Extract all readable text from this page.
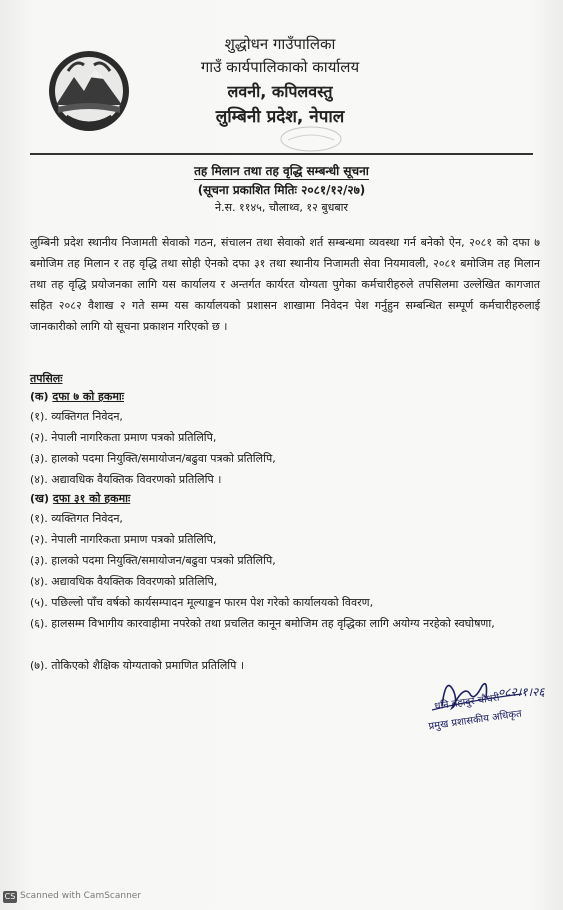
शुद्धोधन गाउँपालिका
गाउँ कार्यपालिकाको कार्यालय
लवनी, कपिलवस्तु
लुम्बिनी प्रदेश, नेपाल
तह मिलान तथा तह वृद्धि सम्बन्धी सूचना
(सूचना प्रकाशित मितिः २०८१/१२/२७)
ने.स. ११४५, चौलाथ्व, १२ बुधबार
लुम्बिनी प्रदेश स्थानीय निजामती सेवाको गठन, संचालन तथा सेवाको शर्त सम्बन्धमा व्यवस्था गर्न बनेको ऐन, २०८१ को दफा ७ बमोजिम तह मिलान र तह वृद्धि तथा सोही ऐनको दफा ३१ तथा स्थानीय निजामती सेवा नियमावली, २०८१ बमोजिम तह मिलान तथा तह वृद्धि प्रयोजनका लागि यस कार्यालय र अन्तर्गत कार्यरत योग्यता पुगेका कर्मचारीहरुले तपसिलमा उल्लेखित कागजात सहित २०८२ वैशाख २ गते सम्म यस कार्यालयको प्रशासन शाखामा निवेदन पेश गर्नुहुन सम्बन्धित सम्पूर्ण कर्मचारीहरुलाई जानकारीको लागि यो सूचना प्रकाशन गरिएको छ ।
तपसिलः
(क) दफा ७ को हकमाः
(१). व्यक्तिगत निवेदन,
(२). नेपाली नागरिकता प्रमाण पत्रको प्रतिलिपि,
(३). हालको पदमा नियुक्ति/समायोजन/बढुवा पत्रको प्रतिलिपि,
(४). अद्यावधिक वैयक्तिक विवरणको प्रतिलिपि ।
(ख) दफा ३१ को हकमाः
(१). व्यक्तिगत निवेदन,
(२). नेपाली नागरिकता प्रमाण पत्रको प्रतिलिपि,
(३). हालको पदमा नियुक्ति/समायोजन/बढुवा पत्रको प्रतिलिपि,
(४). अद्यावधिक वैयक्तिक विवरणको प्रतिलिपि,
(५). पछिल्लो पाँच वर्षको कार्यसम्पादन मूल्याङ्कन फारम पेश गरेको कार्यालयको विवरण,
(६). हालसम्म विभागीय कारवाहीमा नपरेको तथा प्रचलित कानून बमोजिम तह वृद्धिका लागि अयोग्य नरहेको स्वघोषणा,
(७). तोकिएको शैक्षिक योग्यताको प्रमाणित प्रतिलिपि ।
०८२।१।२६
धनि बहादुर चौधरी
प्रमुख प्रशासकीय अधिकृत
CS Scanned with CamScanner
